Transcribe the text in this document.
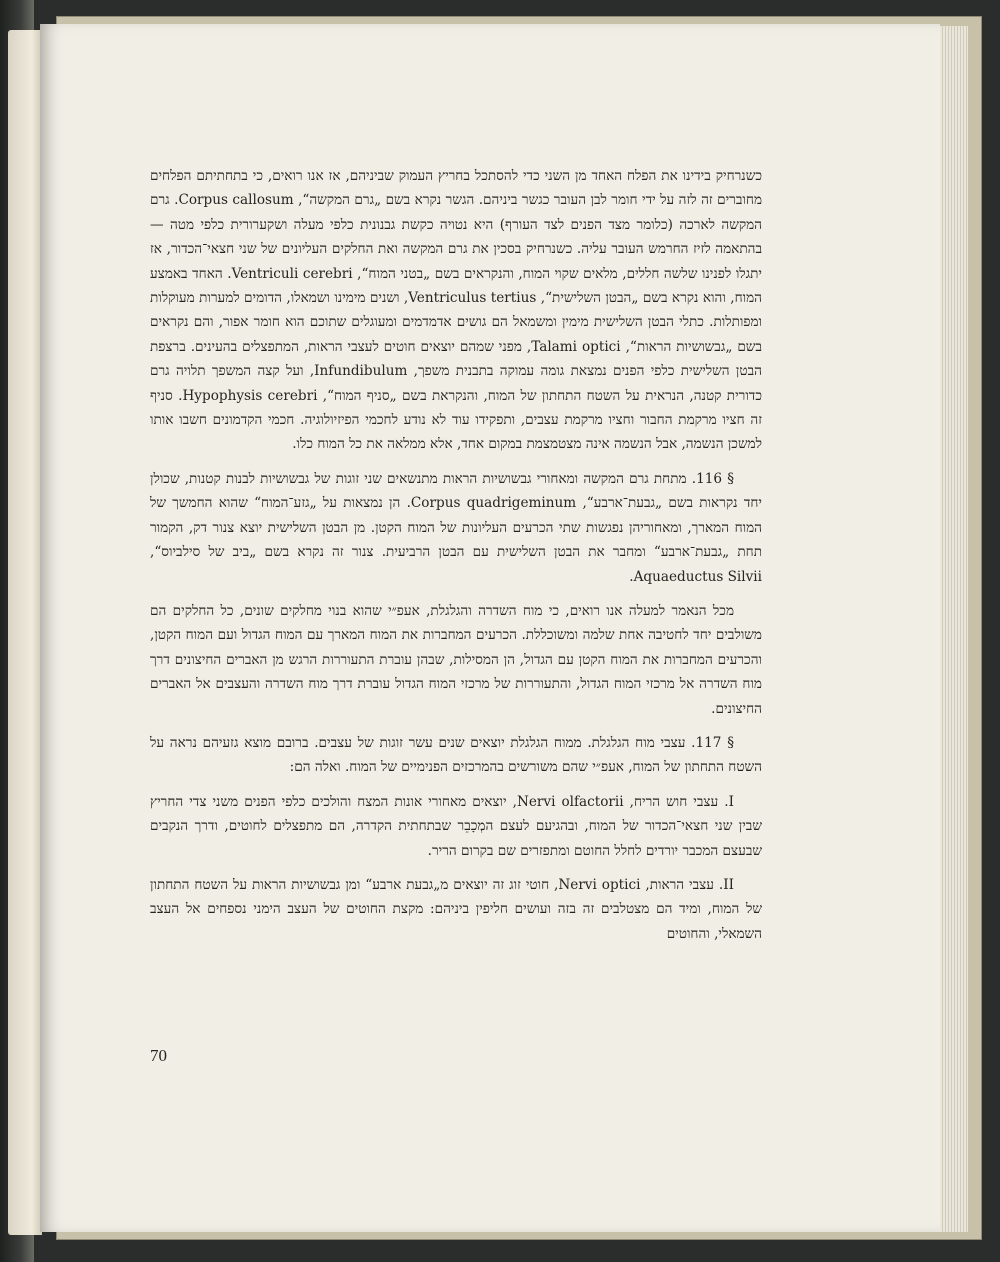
כשנרחיק בידינו את הפלח האחד מן השני כדי להסתכל בחריץ העמוק שביניהם, אז אנו רואים, כי בתחתיתם הפלחים מחוברים זה לזה על ידי חומר לבן העובר כגשר ביניהם. הגשר נקרא בשם „גרם המקשה“, Corpus callosum. גרם המקשה לארכה (כלומר מצד הפנים לצד העורף) היא נטויה כקשת גבנונית כלפי מעלה ושקערורית כלפי מטה — בהתאמה לזיז החרמש העובר עליה. כשנרחיק בסכין את גרם המקשה ואת החלקים העליונים של שני חצאי־הכדור, אז יתגלו לפנינו שלשה חללים, מלאים שקוי המוח, והנקראים בשם „בטני המוח“, Ventriculi cerebri. האחד באמצע המוח, והוא נקרא בשם „הבטן השלישית“, Ventriculus tertius, ושנים מימינו ושמאלו, הדומים למערות מעוקלות ומפותלות. כתלי הבטן השלישית מימין ומשמאל הם גושים אדמדמים ומעוגלים שתוכם הוא חומר אפור, והם נקראים בשם „גבשושיות הראות“, Talami optici, מפני שמהם יוצאים חוטים לעצבי הראות, המתפצלים בהעינים. ברצפת הבטן השלישית כלפי הפנים נמצאת גומה עמוקה בתבנית משפך, Infundibulum, ועל קצה המשפך תלויה גרם כדורית קטנה, הנראית על השטח התחתון של המוח, והנקראת בשם „סניף המוח“, Hypophysis cerebri. סניף זה חציו מרקמת החבור וחציו מרקמת עצבים, ותפקידו עוד לא נודע לחכמי הפיזיולוגיה. חכמי הקדמונים חשבו אותו למשכן הנשמה, אבל הנשמה אינה מצטמצמת במקום אחד, אלא ממלאה את כל המוח כלו.

§ 116. מתחת גרם המקשה ומאחורי גבשושיות הראות מתנשאים שני זוגות של גבשושיות לבנות קטנות, שכולן יחד נקראות בשם „גבעת־ארבע“, Corpus quadrigeminum. הן נמצאות על „גזע־המוח“ שהוא החמשך של המוח המארך, ומאחוריהן נפגשות שתי הכרעים העליונות של המוח הקטן. מן הבטן השלישית יוצא צנור דק, הקמור תחת „גבעת־ארבע“ ומחבר את הבטן השלישית עם הבטן הרביעית. צנור זה נקרא בשם „ביב של סילביוס“, Aquaeductus Silvii.

מכל הנאמר למעלה אנו רואים, כי מוח השדרה והגלגלת, אעפ״י שהוא בנוי מחלקים שונים, כל החלקים הם משולבים יחד לחטיבה אחת שלמה ומשוכללת. הכרעים המחברות את המוח המארך עם המוח הגדול ועם המוח הקטן, והכרעים המחברות את המוח הקטן עם הגדול, הן המסילות, שבהן עוברת התעוררות הרגש מן האברים החיצונים דרך מוח השדרה אל מרכזי המוח הגדול, והתעוררות של מרכזי המוח הגדול עוברת דרך מוח השדרה והעצבים אל האברים החיצונים.

§ 117. עצבי מוח הגלגלת. ממוח הגלגלת יוצאים שנים עשר זוגות של עצבים. ברובם מוצא גזעיהם נראה על השטח התחתון של המוח, אעפ״י שהם משורשים בהמרכזים הפנימיים של המוח. ואלה הם:

I. עצבי חוש הריח, Nervi olfactorii, יוצאים מאחורי אונות המצח והולכים כלפי הפנים משני צדי החריץ שבין שני חצאי־הכדור של המוח, ובהגיעם לעצם המְכָבֵר שבתחתית הקדרה, הם מתפצלים לחוטים, ודרך הנקבים שבעצם המכבר יורדים לחלל החוטם ומתפזרים שם בקרום הריר.

II. עצבי הראות, Nervi optici, חוטי זוג זה יוצאים מ„גבעת ארבע“ ומן גבשושיות הראות על השטח התחתון של המוח, ומיד הם מצטלבים זה בזה ועושים חליפין ביניהם: מקצת החוטים של העצב הימני נספחים אל העצב השמאלי, והחוטים

70
